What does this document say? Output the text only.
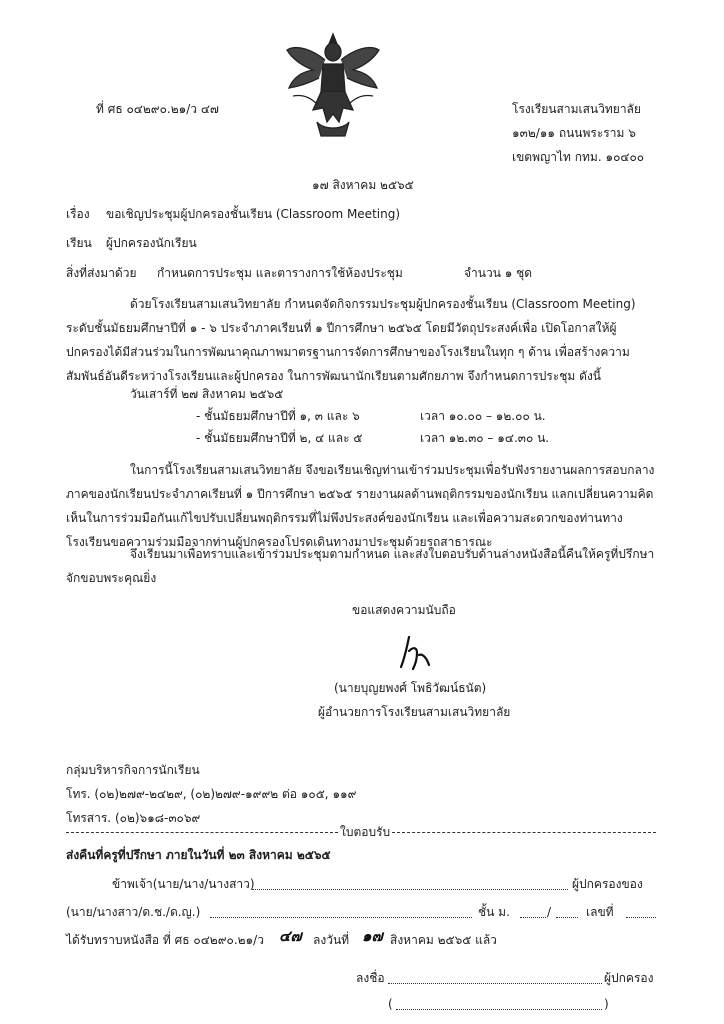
ที่ ศธ ๐๔๒๙๐.๒๑/ว ๔๗	โรงเรียนสามเสนวิทยาลัย
๑๓๒/๑๑ ถนนพระราม ๖
เขตพญาไท กทม. ๑๐๔๐๐
๑๗ สิงหาคม ๒๕๖๕
เรื่อง ขอเชิญประชุมผู้ปกครองชั้นเรียน (Classroom Meeting)
เรียน ผู้ปกครองนักเรียน
สิ่งที่ส่งมาด้วย กำหนดการประชุม และตารางการใช้ห้องประชุม	จำนวน ๑ ชุด
ด้วยโรงเรียนสามเสนวิทยาลัย กำหนดจัดกิจกรรมประชุมผู้ปกครองชั้นเรียน (Classroom Meeting) ระดับชั้นมัธยมศึกษาปีที่ ๑ - ๖ ประจำภาคเรียนที่ ๑ ปีการศึกษา ๒๕๖๕ โดยมีวัตถุประสงค์เพื่อ เปิดโอกาสให้ผู้ปกครองได้มีส่วนร่วมในการพัฒนาคุณภาพมาตรฐานการจัดการศึกษาของโรงเรียนในทุก ๆ ด้าน เพื่อสร้างความสัมพันธ์อันดีระหว่างโรงเรียนและผู้ปกครอง ในการพัฒนานักเรียนตามศักยภาพ จึงกำหนดการประชุม ดังนี้
วันเสาร์ที่ ๒๗ สิงหาคม ๒๕๖๕
- ชั้นมัธยมศึกษาปีที่ ๑, ๓ และ ๖	เวลา ๑๐.๐๐ – ๑๒.๐๐ น.
- ชั้นมัธยมศึกษาปีที่ ๒, ๔ และ ๕	เวลา ๑๒.๓๐ – ๑๔.๓๐ น.
ในการนี้โรงเรียนสามเสนวิทยาลัย จึงขอเรียนเชิญท่านเข้าร่วมประชุมเพื่อรับฟังรายงานผลการสอบกลางภาคของนักเรียนประจำภาคเรียนที่ ๑ ปีการศึกษา ๒๕๖๕ รายงานผลด้านพฤติกรรมของนักเรียน แลกเปลี่ยนความคิดเห็นในการร่วมมือกันแก้ไขปรับเปลี่ยนพฤติกรรมที่ไม่พึงประสงค์ของนักเรียน และเพื่อความสะดวกของท่านทางโรงเรียนขอความร่วมมือจากท่านผู้ปกครองโปรดเดินทางมาประชุมด้วยรถสาธารณะ
จึงเรียนมาเพื่อทราบและเข้าร่วมประชุมตามกำหนด และส่งใบตอบรับด้านล่างหนังสือนี้คืนให้ครูที่ปรึกษาจักขอบพระคุณยิ่ง
ขอแสดงความนับถือ
(นายบุญยพงศ์ โพธิวัฒน์ธนัต)
ผู้อำนวยการโรงเรียนสามเสนวิทยาลัย
กลุ่มบริหารกิจการนักเรียน
โทร. (๐๒)๒๗๙-๒๔๒๙, (๐๒)๒๗๙-๑๙๙๒ ต่อ ๑๐๕, ๑๑๙
โทรสาร. (๐๒)๖๑๘-๓๐๖๙
ใบตอบรับ
ส่งคืนที่ครูที่ปรึกษา ภายในวันที่ ๒๓ สิงหาคม ๒๕๖๕
ข้าพเจ้า(นาย/นาง/นางสาว)	ผู้ปกครองของ
(นาย/นางสาว/ด.ช./ด.ญ.)	ชั้น ม.	/	เลขที่
ได้รับทราบหนังสือ ที่ ศธ ๐๔๒๙๐.๒๑/ว ๔๗ ลงวันที่ ๑๗ สิงหาคม ๒๕๖๕ แล้ว
ลงชื่อ	ผู้ปกครอง
(	)
